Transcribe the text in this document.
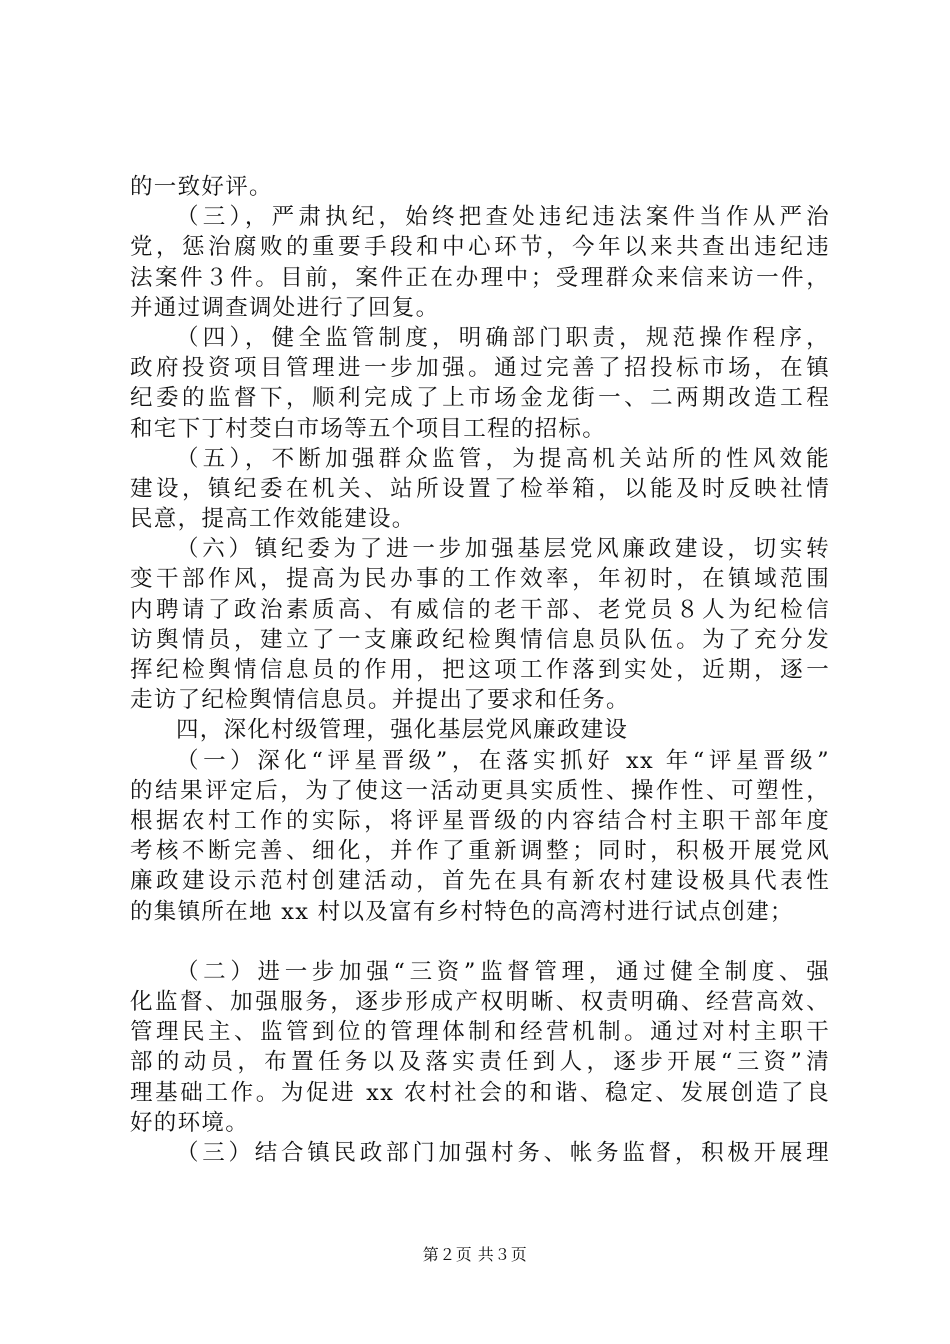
的一致好评。
（三），严肃执纪，始终把查处违纪违法案件当作从严治
党，惩治腐败的重要手段和中心环节，今年以来共查出违纪违
法案件３件。目前，案件正在办理中；受理群众来信来访一件，
并通过调查调处进行了回复。
（四），健全监管制度，明确部门职责，规范操作程序，
政府投资项目管理进一步加强。通过完善了招投标市场，在镇
纪委的监督下，顺利完成了上市场金龙街一、二两期改造工程
和宅下丁村茭白市场等五个项目工程的招标。
（五），不断加强群众监管，为提高机关站所的性风效能
建设，镇纪委在机关、站所设置了检举箱，以能及时反映社情
民意，提高工作效能建设。
（六）镇纪委为了进一步加强基层党风廉政建设，切实转
变干部作风，提高为民办事的工作效率，年初时，在镇域范围
内聘请了政治素质高、有威信的老干部、老党员８人为纪检信
访舆情员，建立了一支廉政纪检舆情信息员队伍。为了充分发
挥纪检舆情信息员的作用，把这项工作落到实处，近期，逐一
走访了纪检舆情信息员。并提出了要求和任务。
四，深化村级管理，强化基层党风廉政建设
（一）深化“评星晋级”，在落实抓好 xx 年“评星晋级”
的结果评定后，为了使这一活动更具实质性、操作性、可塑性，
根据农村工作的实际，将评星晋级的内容结合村主职干部年度
考核不断完善、细化，并作了重新调整；同时，积极开展党风
廉政建设示范村创建活动，首先在具有新农村建设极具代表性
的集镇所在地 xx 村以及富有乡村特色的高湾村进行试点创建；
（二）进一步加强“三资”监督管理，通过健全制度、强
化监督、加强服务，逐步形成产权明晰、权责明确、经营高效、
管理民主、监管到位的管理体制和经营机制。通过对村主职干
部的动员，布置任务以及落实责任到人，逐步开展“三资”清
理基础工作。为促进 xx 农村社会的和谐、稳定、发展创造了良
好的环境。
（三）结合镇民政部门加强村务、帐务监督，积极开展理
第２页 共３页
